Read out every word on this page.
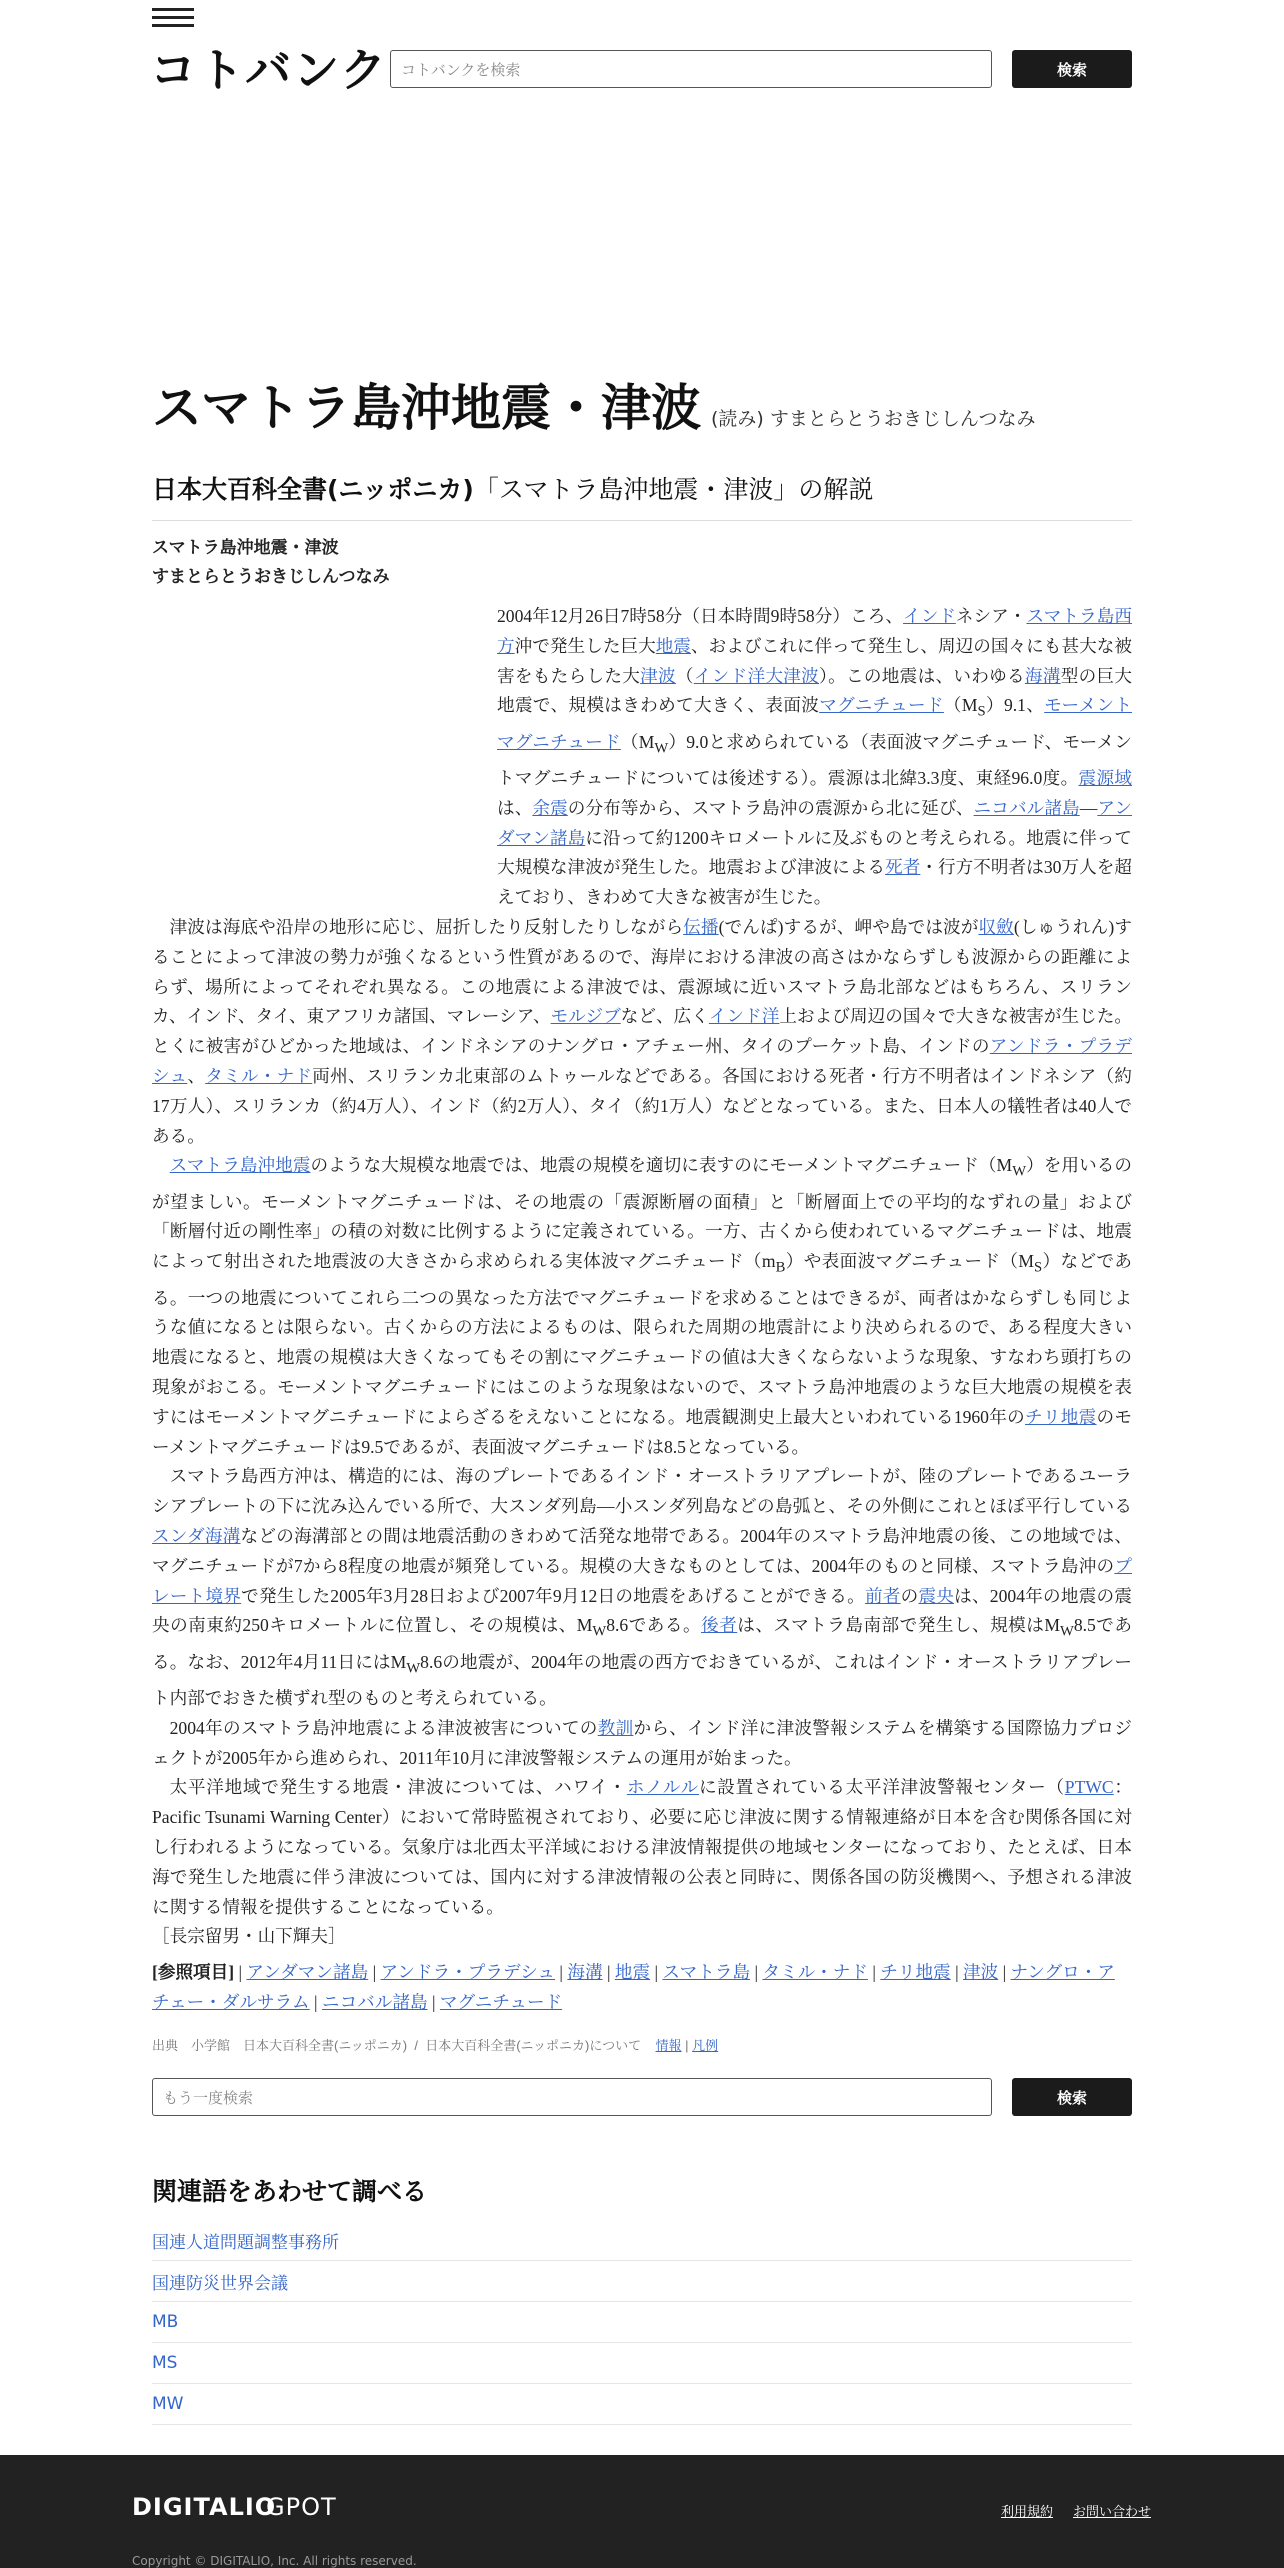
コトバンク コトバンクを検索	検索
スマトラ島沖地震・津波 (読み) すまとらとうおきじしんつなみ
日本大百科全書(ニッポニカ)「スマトラ島沖地震・津波」の解説
スマトラ島沖地震・津波
すまとらとうおきじしんつなみ

2004年12月26日7時58分（日本時間9時58分）ころ、インドネシア・スマトラ島西方沖で発生した巨大地震、およびこれに伴って発生し、周辺の国々にも甚大な被害をもたらした大津波（インド洋大津波）。この地震は、いわゆる海溝型の巨大地震で、規模はきわめて大きく、表面波マグニチュード$(M_S)9.1$、モーメントマグニチュード$(M_W)9.0$と求められている（表面波マグニチュード、モーメントマグニチュードについては後述する）。震源は北緯3.3度、東経96.0度。震源域は、余震の分布等から、スマトラ島沖の震源から北に延び、ニコバル諸島—アンダマン諸島に沿って約1200キロメートルに及ぶものと考えられる。地震に伴って大規模な津波が発生した。地震および津波による死者・行方不明者は30万人を超えており、きわめて大きな被害が生じた。

津波は海底や沿岸の地形に応じ、屈折したり反射したりしながら伝播(でんぱ)するが、岬や島では波が収斂(しゅうれん)することによって津波の勢力が強くなるという性質があるので、海岸における津波の高さはかならずしも波源からの距離によらず、場所によってそれぞれ異なる。この地震による津波では、震源域に近いスマトラ島北部などはもちろん、スリランカ、インド、タイ、東アフリカ諸国、マレーシア、モルジブなど、広くインド洋上および周辺の国々で大きな被害が生じた。とくに被害がひどかった地域は、インドネシアのナングロ・アチェー州、タイのプーケット島、インドのアンドラ・プラデシュ、タミル・ナド両州、スリランカ北東部のムトゥールなどである。各国における死者・行方不明者はインドネシア（約17万人）、スリランカ（約4万人）、インド（約2万人）、タイ（約1万人）などとなっている。また、日本人の犠牲者は40人である。

スマトラ島沖地震のような大規模な地震では、地震の規模を適切に表すのにモーメントマグニチュード$(M_W)$を用いるのが望ましい。モーメントマグニチュードは、その地震の「震源断層の面積」と「断層面上での平均的なずれの量」および「断層付近の剛性率」の積の対数に比例するように定義されている。一方、古くから使われているマグニチュードは、地震によって射出された地震波の大きさから求められる実体波マグニチュード$(m_B)$や表面波マグニチュード$(M_S)$などである。一つの地震についてこれら二つの異なった方法でマグニチュードを求めることはできるが、両者はかならずしも同じような値になるとは限らない。古くからの方法によるものは、限られた周期の地震計により決められるので、ある程度大きい地震になると、地震の規模は大きくなってもその割にマグニチュードの値は大きくならないような現象、すなわち頭打ちの現象がおこる。モーメントマグニチュードにはこのような現象はないので、スマトラ島沖地震のような巨大地震の規模を表すにはモーメントマグニチュードによらざるをえないことになる。地震観測史上最大といわれている1960年のチリ地震のモーメントマグニチュードは9.5であるが、表面波マグニチュードは8.5となっている。

スマトラ島西方沖は、構造的には、海のプレートであるインド・オーストラリアプレートが、陸のプレートであるユーラシアプレートの下に沈み込んでいる所で、大スンダ列島—小スンダ列島などの島弧と、その外側にこれとほぼ平行しているスンダ海溝などの海溝部との間は地震活動のきわめて活発な地帯である。2004年のスマトラ島沖地震の後、この地域では、マグニチュードが7から8程度の地震が頻発している。規模の大きなものとしては、2004年のものと同様、スマトラ島沖のプレート境界で発生した2005年3月28日および2007年9月12日の地震をあげることができる。前者の震央は、2004年の地震の震央の南東約250キロメートルに位置し、その規模は、$M_W8.6$である。後者は、スマトラ島南部で発生し、規模は$M_W8.5$である。なお、2012年4月11日には$M_W8.6$の地震が、2004年の地震の西方でおきているが、これはインド・オーストラリアプレート内部でおきた横ずれ型のものと考えられている。

2004年のスマトラ島沖地震による津波被害についての教訓から、インド洋に津波警報システムを構築する国際協力プロジェクトが2005年から進められ、2011年10月に津波警報システムの運用が始まった。

太平洋地域で発生する地震・津波については、ハワイ・ホノルルに設置されている太平洋津波警報センター（PTWC：Pacific Tsunami Warning Center）において常時監視されており、必要に応じ津波に関する情報連絡が日本を含む関係各国に対し行われるようになっている。気象庁は北西太平洋域における津波情報提供の地域センターになっており、たとえば、日本海で発生した地震に伴う津波については、国内に対する津波情報の公表と同時に、関係各国の防災機関へ、予想される津波に関する情報を提供することになっている。

［長宗留男・山下輝夫］

[参照項目] | アンダマン諸島 | アンドラ・プラデシュ | 海溝 | 地震 | スマトラ島 | タミル・ナド | チリ地震 | 津波 | ナングロ・アチェー・ダルサラム | ニコバル諸島 | マグニチュード
出典　小学館　日本大百科全書(ニッポニカ)  /  日本大百科全書(ニッポニカ)について 情報 | 凡例
もう一度検索	検索
関連語をあわせて調べる
国連人道問題調整事務所
国連防災世界会議
MB
MS
MW
DIGITALIO
GPOT	利用規約 お問い合わせ
Copyright © DIGITALIO, Inc. All rights reserved.
